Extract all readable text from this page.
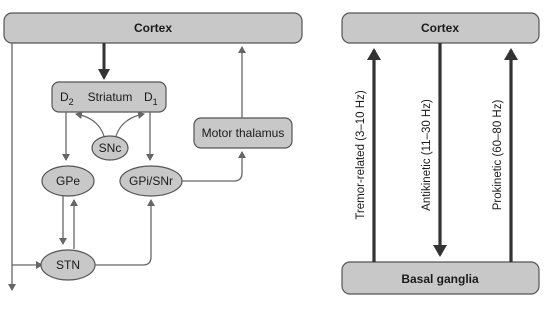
Cortex
$D_2$ Striatum $D_1$
SNc
GPe	GPi/SNr
STN
Motor thalamus
Cortex
Basal ganglia
Tremor-related (3–10 Hz)	Antikinetic (11–30 Hz)	Prokinetic (60–80 Hz)
